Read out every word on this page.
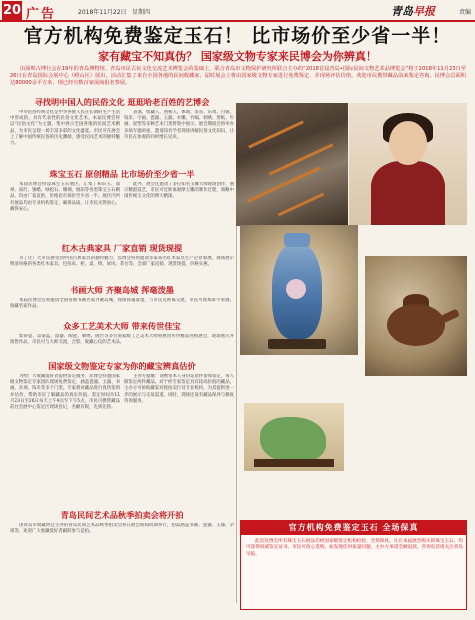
20 广告	2018年11月22日 星期四	青岛早报	责编
官方机构免费鉴定玉石！ 比市场价至少省一半！
家有藏宝不知真伪？ 国家级文物专家来民博会为你辨真！
由深圳古博行会在19年的青岛博物馆、青岛市民古玩文化交流艺术博览会的基础上，联合青岛市文物保护研究所联合主办的“2018首届青岛•国际民间文物艺术品博览会”将于2018年11月23日至26日在青岛国际会展中心（崂山区）展出，活动汇集了来自全国各地的民间收藏家，届时展会上将由国家级文物专家进行免费鉴定，并现场评估价值，欢迎市民携带藏品前来鉴定咨询。民博会总面积达80000余平方米，现已经有数百家展商报名参展。
寻找明中国人的民俗文化 逛逛哈老百姓的艺博会
中华民俗传统文化是中华各族人民在长期的生产生活中形成的，具有代表性的民俗文化艺术。本届民博会将以“民俗文化”为主题，集中展示全国各地的民间艺术精品，为市民呈现一场丰富多彩的文化盛宴。市民可在展会上了解中国传统民俗的历史渊源，感受民间艺术的独特魅力。
表演、收藏人、照相人、体现、鉴赏、东周、白银、钱币、字画、瓷器、玉器、木雕、竹编、刺绣、剪纸、年画、泥塑等多种艺术门类将集中展示。展会期间还将举办多场专题讲座，邀请知名学者现场讲解民俗文化知识，让市民在参观的同时增长见识。
珠宝玉石 原创精品 比市场价至少省一半
本届民博会特设珠宝玉石展区，汇集了和田玉、翡翠、南红、蜜蜡、绿松石、珊瑚、琥珀等各类珠宝玉石精品，均由厂家直供，价格比市场价至少省一半。展区内所有展品均由专业机构鉴定，确保品质，让市民买得放心、戴得安心。
此外，展会还邀请了多位知名玉雕大师现场创作，展示精湛技艺，市民可近距离观摩玉雕的制作过程，领略中国传统玉文化的博大精深。
红木古典家具 厂家直销 现货现提
为了让广大市民感受到中国古典家具的独特魅力，民博会特别邀请多家知名红木家具生产企业参展，现场展示明清风格的各类红木家具，包括床、柜、桌、椅、屏风、茶台等，全部厂家直销，现货现提，价格实惠。
书画大师 齐聚岛城 挥毫泼墨
本届民博会还将邀请全国各地书画名家齐聚岛城，现场挥毫泼墨，与市民近距离交流，市民可现场求字求画，收藏名家作品。
众多工艺美术大师 带来传世佳宝
紫砂壶、景泰蓝、漆器、陶瓷、刺绣、砚台等多位国家级工艺美术大师将携带传世精品亮相展会，现场展示并销售作品，市民可与大师交流、合影，收藏心仪的艺术品。
国家级文物鉴定专家为你的藏宝辨真估价
为给广大收藏爱好者提供鉴定服务，民博会特邀国家级文物鉴定专家团队现场免费鉴定，涵盖瓷器、玉器、书画、杂项、钱币等多个门类。专家将对藏品进行真伪鉴别并估价，帮助市民了解藏品的真实价值。鉴定时间为11月23日至26日每天上午9点至下午5点，市民可携带藏品前往会展中心鉴定区现场登记，名额有限，先到先得。
主办方提醒：请携带本人身份证原件参加鉴定，每人限鉴定两件藏品。对于经专家鉴定具有较高价值的藏品，主办方可协助藏家对接拍卖行及专业机构，为其提供进一步的展示与交易渠道。同时，现场还设有藏品保养与修复咨询服务。
青岛民间艺术品秋季拍卖会将开拍
由青岛市收藏协会主办的青岛民间艺术品秋季拍卖会将在展会期间同期举行，拍品涵盖书画、瓷器、玉器、杂项等，欢迎广大收藏爱好者踊跃参与竞拍。	官方机构免费鉴定玉石 全场保真
此次民博会所有珠宝玉石展品均经国家级鉴定机构检验，全场保真。凡在本届展会购买的珠宝玉石，均可获得权威鉴定证书，市民可放心选购。如发现任何质量问题，主办方承诺全额退款。咨询电话请关注青岛早报。
